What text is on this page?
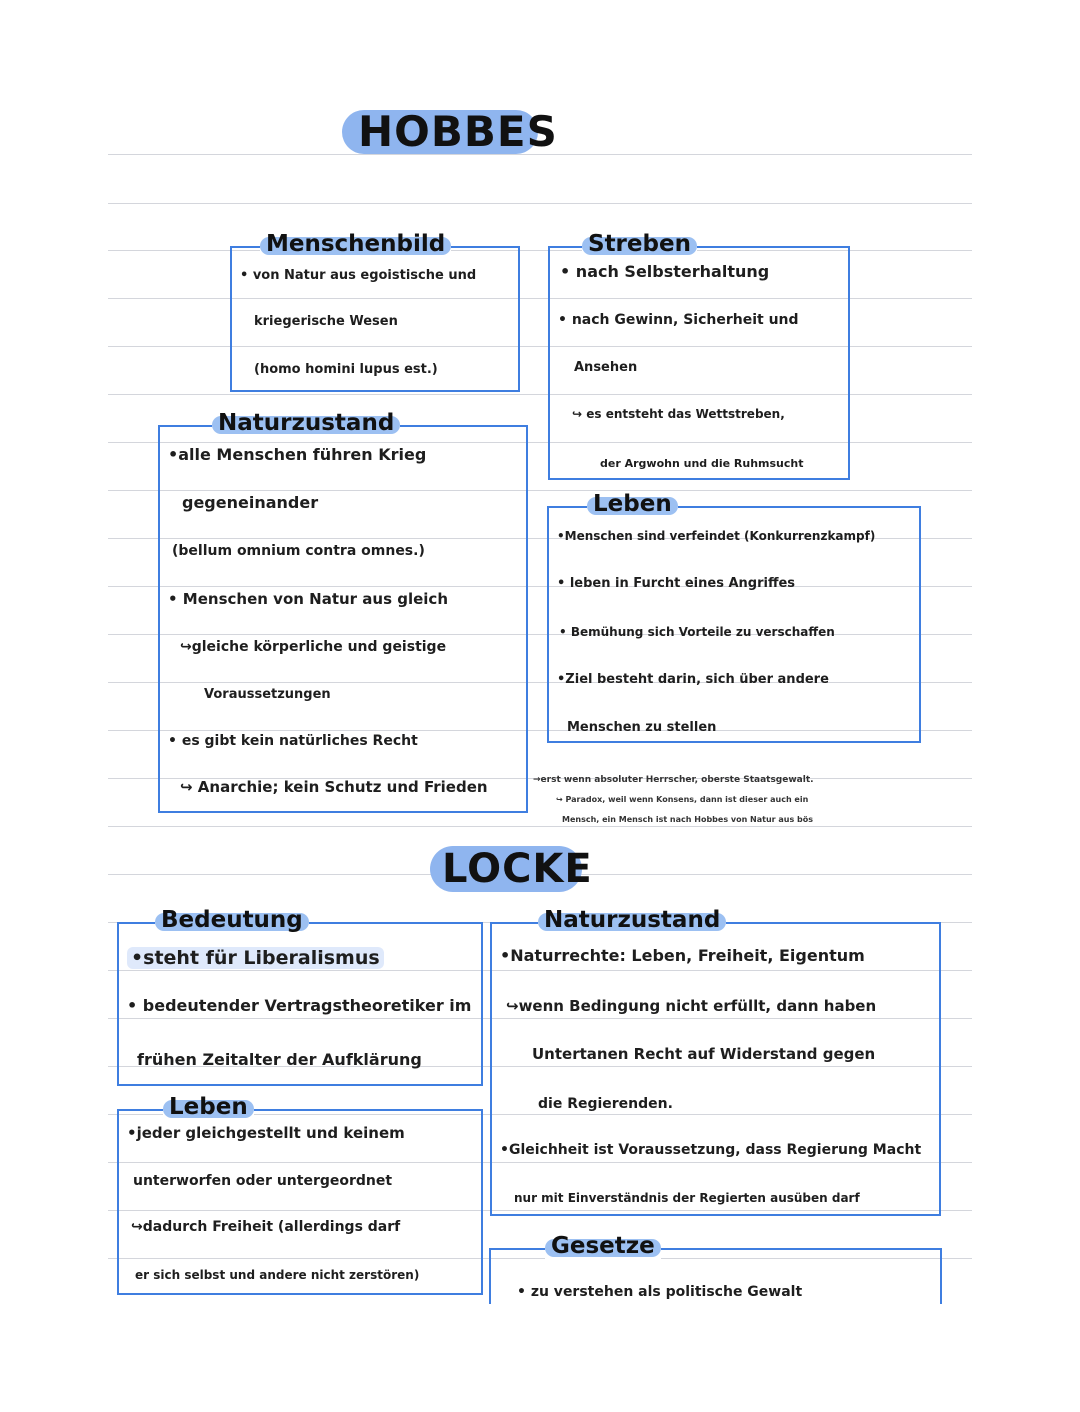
HOBBES
Menschenbild
• von Natur aus egoistische und
kriegerische Wesen
(homo homini lupus est.)
Streben
• nach Selbsterhaltung
• nach Gewinn, Sicherheit und
Ansehen
↪ es entsteht das Wettstreben,
der Argwohn und die Ruhmsucht
Naturzustand
•alle Menschen führen Krieg
gegeneinander
(bellum omnium contra omnes.)
• Menschen von Natur aus gleich
↪gleiche körperliche und geistige
Voraussetzungen
• es gibt kein natürliches Recht
↪ Anarchie; kein Schutz und Frieden
Leben
•Menschen sind verfeindet (Konkurrenzkampf)
• leben in Furcht eines Angriffes
• Bemühung sich Vorteile zu verschaffen
•Ziel besteht darin, sich über andere
Menschen zu stellen
→erst wenn absoluter Herrscher, oberste Staatsgewalt.
↪ Paradox, weil wenn Konsens, dann ist dieser auch ein
Mensch, ein Mensch ist nach Hobbes von Natur aus bös
LOCKE
Bedeutung
•steht für Liberalismus
• bedeutender Vertragstheoretiker im
frühen Zeitalter der Aufklärung
Naturzustand
•Naturrechte: Leben, Freiheit, Eigentum
↪wenn Bedingung nicht erfüllt, dann haben
Untertanen Recht auf Widerstand gegen
die Regierenden.
•Gleichheit ist Voraussetzung, dass Regierung Macht
nur mit Einverständnis der Regierten ausüben darf
Leben
•jeder gleichgestellt und keinem
unterworfen oder untergeordnet
↪dadurch Freiheit (allerdings darf
er sich selbst und andere nicht zerstören)
Gesetze
• zu verstehen als politische Gewalt
